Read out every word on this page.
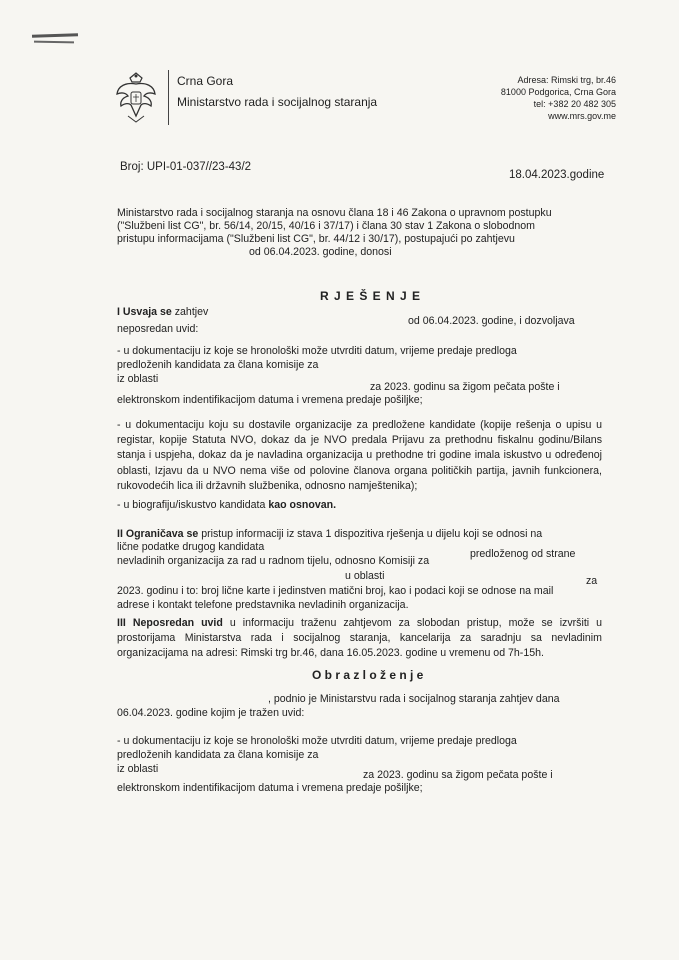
Crna Gora
Ministarstvo rada i socijalnog staranja
Adresa: Rimski trg, br.46
81000 Podgorica, Crna Gora
tel: +382 20 482 305
www.mrs.gov.me
Broj: UPI-01-037//23-43/2
18.04.2023.godine
Ministarstvo rada i socijalnog staranja na osnovu člana 18 i 46 Zakona o upravnom postupku
("Službeni list CG", br. 56/14, 20/15, 40/16 i 37/17) i člana 30 stav 1 Zakona o slobodnom
pristupu informacijama ("Službeni list CG", br. 44/12 i 30/17), postupajući po zahtjevu
od 06.04.2023. godine, donosi
R J E Š E N J E
I Usvaja se zahtjev
od 06.04.2023. godine, i dozvoljava
neposredan uvid:
- u dokumentaciju iz koje se hronološki može utvrditi datum, vrijeme predaje predloga
predloženih kandidata za člana komisije za
iz oblasti
za 2023. godinu sa žigom pečata pošte i
elektronskom indentifikacijom datuma i vremena predaje pošiljke;
- u dokumentaciju koju su dostavile organizacije za predložene kandidate (kopije rešenja o upisu u registar, kopije Statuta NVO, dokaz da je NVO predala Prijavu za prethodnu fiskalnu godinu/Bilans stanja i uspjeha, dokaz da je navladina organizacija u prethodne tri godine imala iskustvo u određenoj oblasti, Izjavu da u NVO nema više od polovine članova organa političkih partija, javnih funkcionera, rukovodećih lica ili državnih službenika, odnosno namještenika);
- u biografiju/iskustvo kandidata kao osnovan.
II Ograničava se pristup informaciji iz stava 1 dispozitiva rješenja u dijelu koji se odnosi na
lične podatke drugog kandidata
predloženog od strane
nevladinih organizacija za rad u radnom tijelu, odnosno Komisiji za
u oblasti	za
2023. godinu i to: broj lične karte i jedinstven matični broj, kao i podaci koji se odnose na mail
adrese i kontakt telefone predstavnika nevladinih organizacija.
III Neposredan uvid u informaciju traženu zahtjevom za slobodan pristup, može se izvršiti u prostorijama Ministarstva rada i socijalnog staranja, kancelarija za saradnju sa nevladinim organizacijama na adresi: Rimski trg br.46, dana 16.05.2023. godine u vremenu od 7h-15h.
O b r a z l o ž e n j e
, podnio je Ministarstvu rada i socijalnog staranja zahtjev dana
06.04.2023. godine kojim je tražen uvid:
- u dokumentaciju iz koje se hronološki može utvrditi datum, vrijeme predaje predloga
predloženih kandidata za člana komisije za
iz oblasti	za 2023. godinu sa žigom pečata pošte i
elektronskom indentifikacijom datuma i vremena predaje pošiljke;
